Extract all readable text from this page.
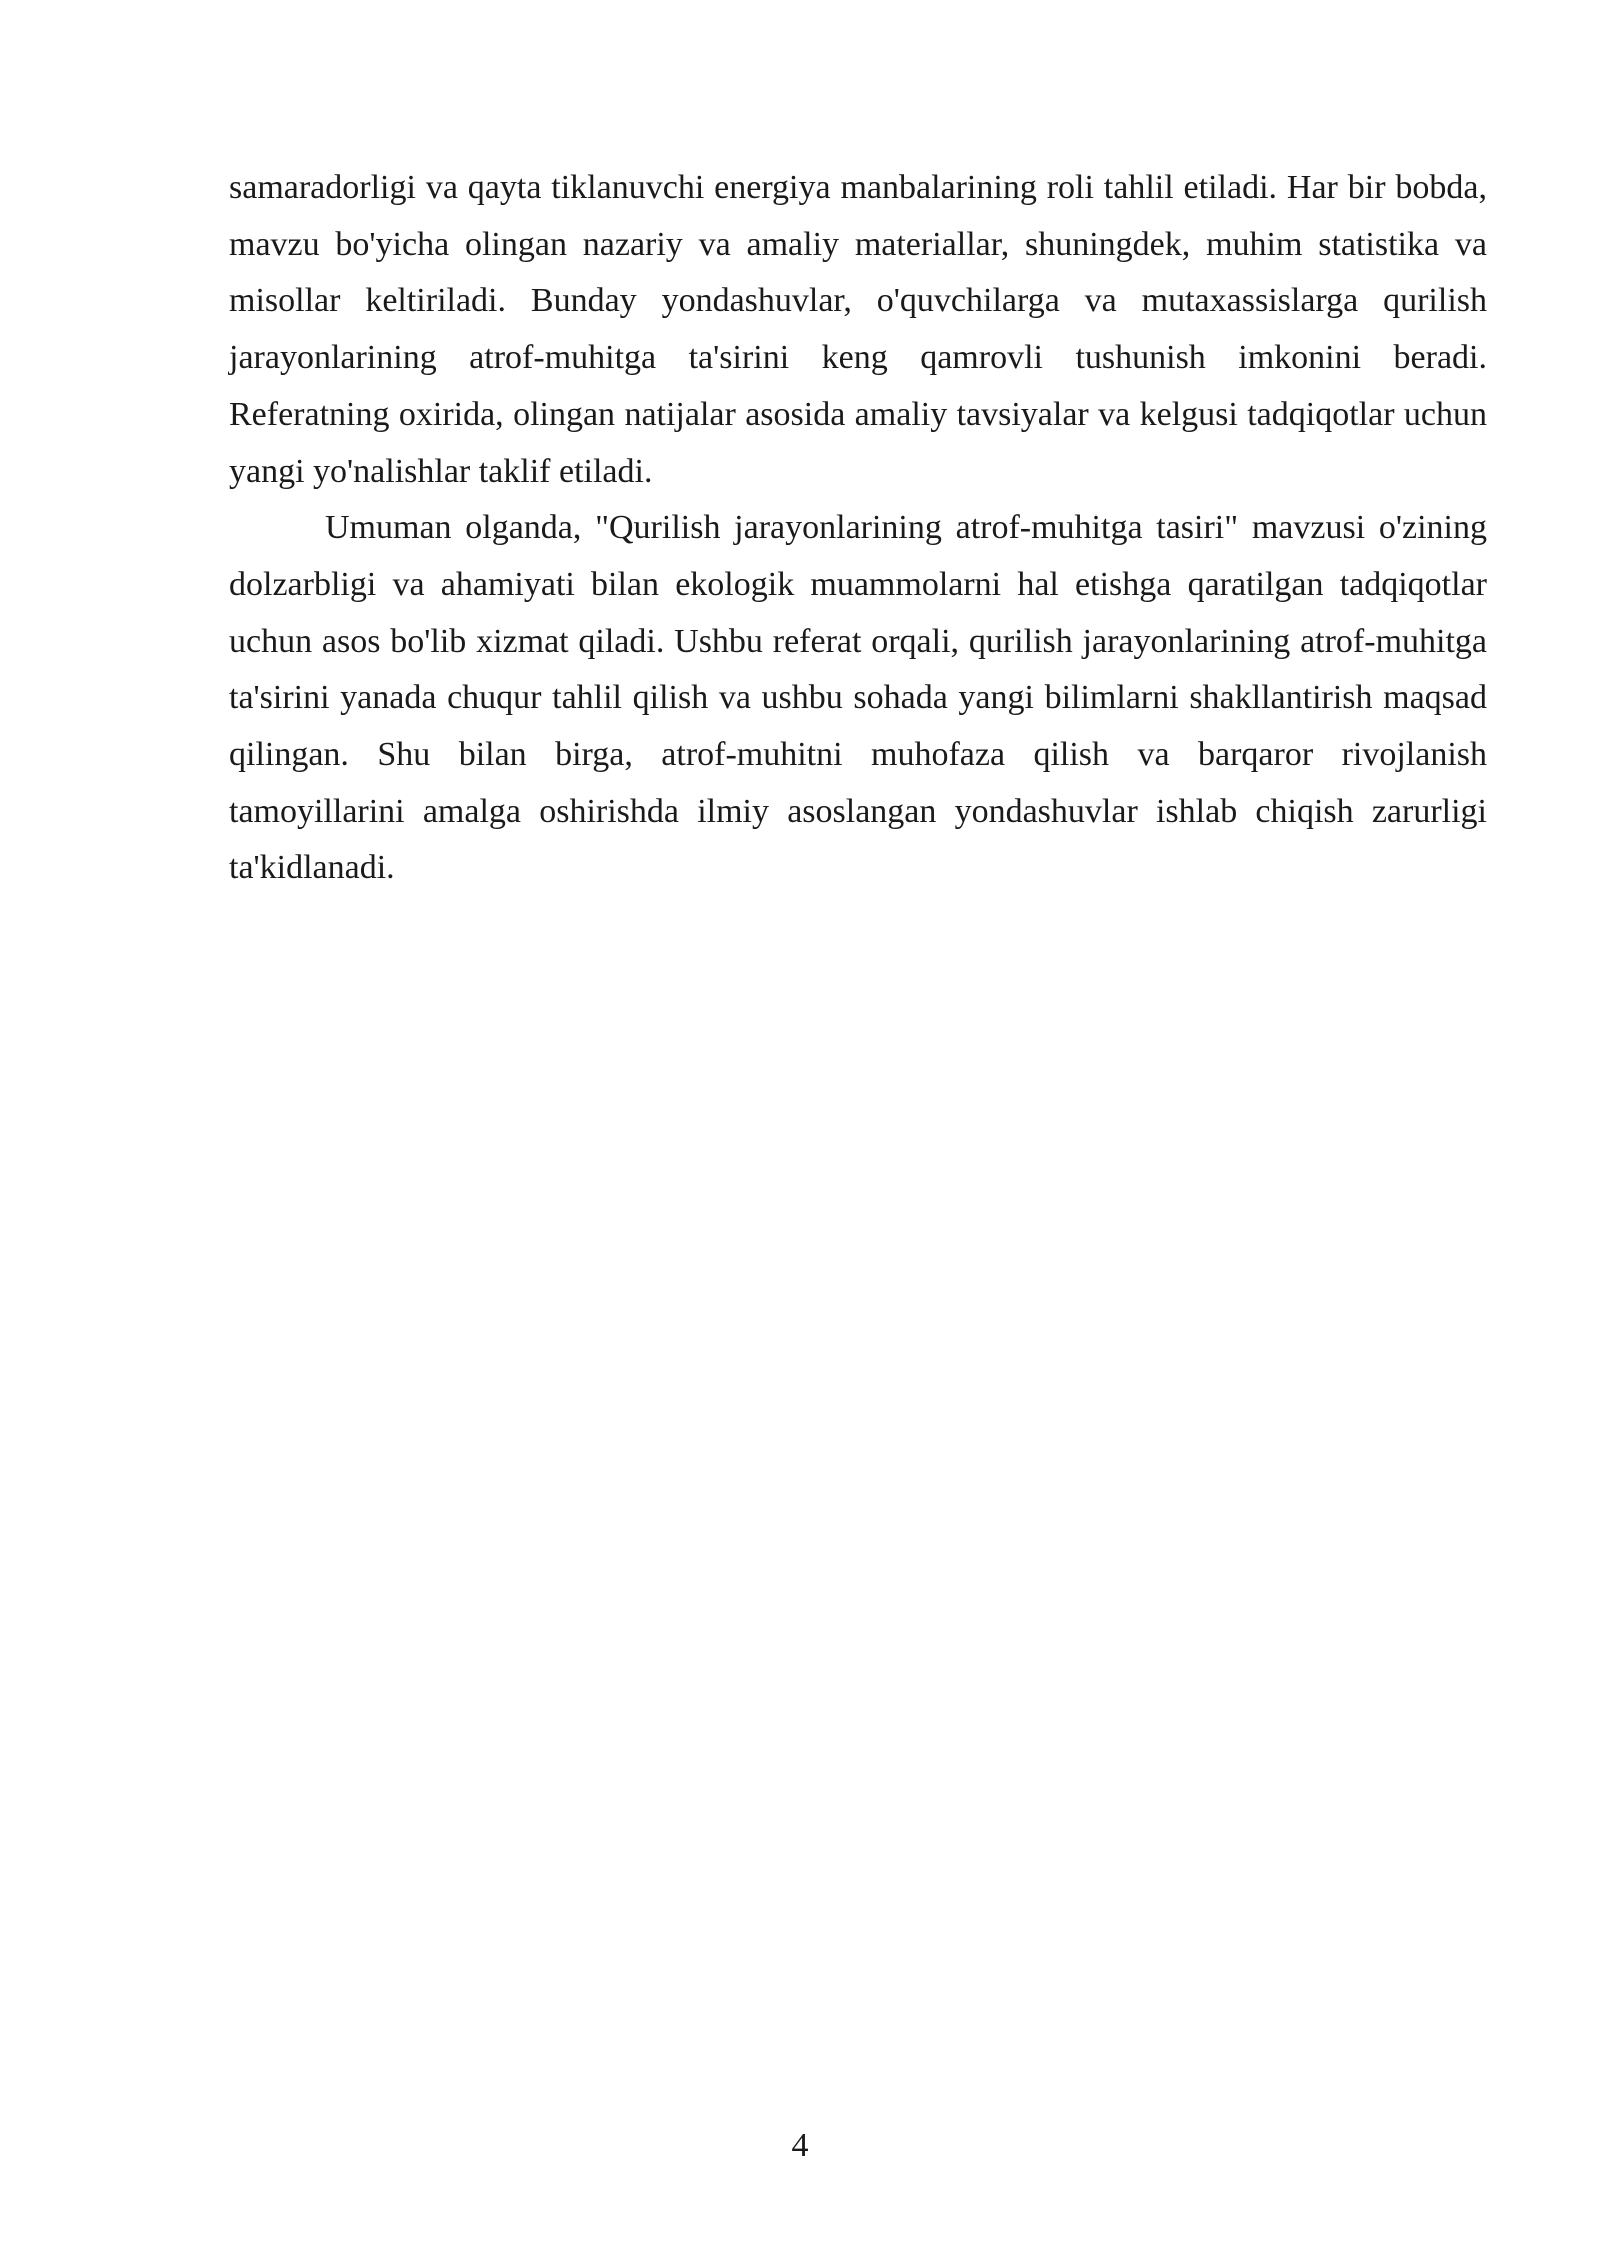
samaradorligi va qayta tiklanuvchi energiya manbalarining roli tahlil etiladi. Har bir bobda, mavzu bo'yicha olingan nazariy va amaliy materiallar, shuningdek, muhim statistika va misollar keltiriladi. Bunday yondashuvlar, o'quvchilarga va mutaxassislarga qurilish jarayonlarining atrof-muhitga ta'sirini keng qamrovli tushunish imkonini beradi. Referatning oxirida, olingan natijalar asosida amaliy tavsiyalar va kelgusi tadqiqotlar uchun yangi yo'nalishlar taklif etiladi.

Umuman olganda, "Qurilish jarayonlarining atrof-muhitga tasiri" mavzusi o'zining dolzarbligi va ahamiyati bilan ekologik muammolarni hal etishga qaratilgan tadqiqotlar uchun asos bo'lib xizmat qiladi. Ushbu referat orqali, qurilish jarayonlarining atrof-muhitga ta'sirini yanada chuqur tahlil qilish va ushbu sohada yangi bilimlarni shakllantirish maqsad qilingan. Shu bilan birga, atrof-muhitni muhofaza qilish va barqaror rivojlanish tamoyillarini amalga oshirishda ilmiy asoslangan yondashuvlar ishlab chiqish zarurligi ta'kidlanadi.

4
